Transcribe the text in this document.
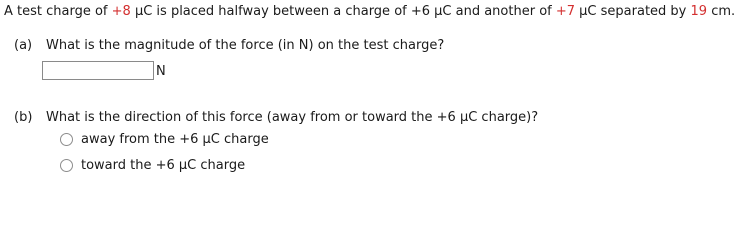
A test charge of +8 μC is placed halfway between a charge of +6 μC and another of +7 μC separated by 19 cm.
(a) What is the magnitude of the force (in N) on the test charge?
N
(b) What is the direction of this force (away from or toward the +6 μC charge)?
away from the +6 μC charge
toward the +6 μC charge
